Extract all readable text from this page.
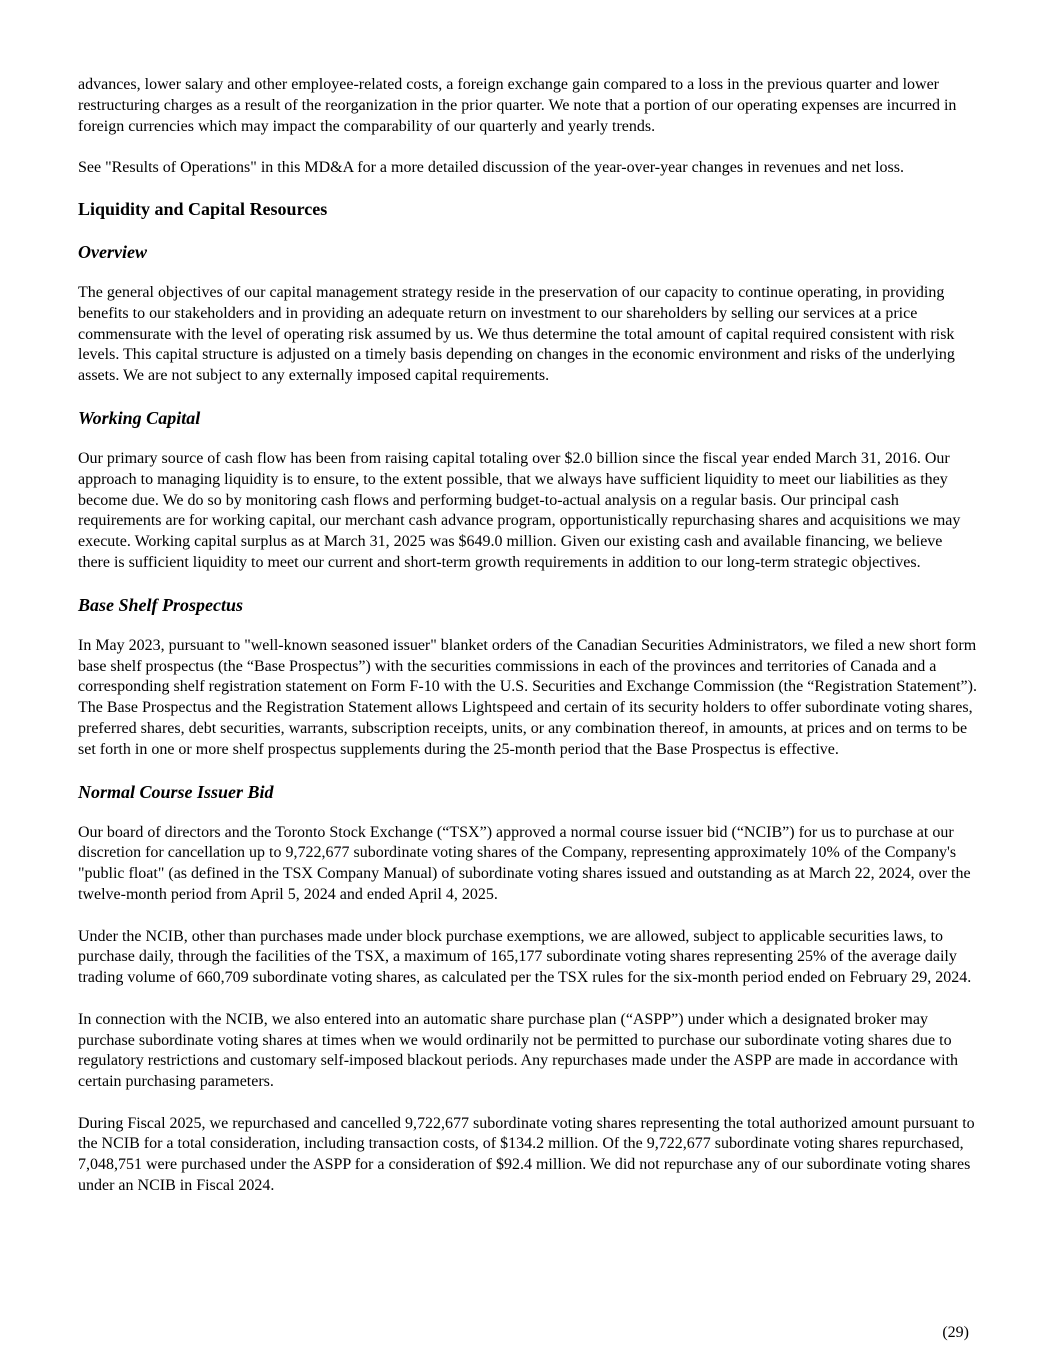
advances, lower salary and other employee-related costs, a foreign exchange gain compared to a loss in the previous quarter and lower restructuring charges as a result of the reorganization in the prior quarter. We note that a portion of our operating expenses are incurred in foreign currencies which may impact the comparability of our quarterly and yearly trends.

See "Results of Operations" in this MD&A for a more detailed discussion of the year-over-year changes in revenues and net loss.

Liquidity and Capital Resources
Overview

The general objectives of our capital management strategy reside in the preservation of our capacity to continue operating, in providing benefits to our stakeholders and in providing an adequate return on investment to our shareholders by selling our services at a price commensurate with the level of operating risk assumed by us. We thus determine the total amount of capital required consistent with risk levels. This capital structure is adjusted on a timely basis depending on changes in the economic environment and risks of the underlying assets. We are not subject to any externally imposed capital requirements.

Working Capital

Our primary source of cash flow has been from raising capital totaling over $2.0 billion since the fiscal year ended March 31, 2016. Our approach to managing liquidity is to ensure, to the extent possible, that we always have sufficient liquidity to meet our liabilities as they become due. We do so by monitoring cash flows and performing budget-to-actual analysis on a regular basis. Our principal cash requirements are for working capital, our merchant cash advance program, opportunistically repurchasing shares and acquisitions we may execute. Working capital surplus as at March 31, 2025 was $649.0 million. Given our existing cash and available financing, we believe there is sufficient liquidity to meet our current and short-term growth requirements in addition to our long-term strategic objectives.

Base Shelf Prospectus

In May 2023, pursuant to "well-known seasoned issuer" blanket orders of the Canadian Securities Administrators, we filed a new short form base shelf prospectus (the “Base Prospectus”) with the securities commissions in each of the provinces and territories of Canada and a corresponding shelf registration statement on Form F-10 with the U.S. Securities and Exchange Commission (the “Registration Statement”). The Base Prospectus and the Registration Statement allows Lightspeed and certain of its security holders to offer subordinate voting shares, preferred shares, debt securities, warrants, subscription receipts, units, or any combination thereof, in amounts, at prices and on terms to be set forth in one or more shelf prospectus supplements during the 25-month period that the Base Prospectus is effective.

Normal Course Issuer Bid

Our board of directors and the Toronto Stock Exchange (“TSX”) approved a normal course issuer bid (“NCIB”) for us to purchase at our discretion for cancellation up to 9,722,677 subordinate voting shares of the Company, representing approximately 10% of the Company's "public float" (as defined in the TSX Company Manual) of subordinate voting shares issued and outstanding as at March 22, 2024, over the twelve-month period from April 5, 2024 and ended April 4, 2025.

Under the NCIB, other than purchases made under block purchase exemptions, we are allowed, subject to applicable securities laws, to purchase daily, through the facilities of the TSX, a maximum of 165,177 subordinate voting shares representing 25% of the average daily trading volume of 660,709 subordinate voting shares, as calculated per the TSX rules for the six-month period ended on February 29, 2024.

In connection with the NCIB, we also entered into an automatic share purchase plan (“ASPP”) under which a designated broker may purchase subordinate voting shares at times when we would ordinarily not be permitted to purchase our subordinate voting shares due to regulatory restrictions and customary self-imposed blackout periods. Any repurchases made under the ASPP are made in accordance with certain purchasing parameters.

During Fiscal 2025, we repurchased and cancelled 9,722,677 subordinate voting shares representing the total authorized amount pursuant to the NCIB for a total consideration, including transaction costs, of $134.2 million. Of the 9,722,677 subordinate voting shares repurchased, 7,048,751 were purchased under the ASPP for a consideration of $92.4 million. We did not repurchase any of our subordinate voting shares under an NCIB in Fiscal 2024.

(29)
